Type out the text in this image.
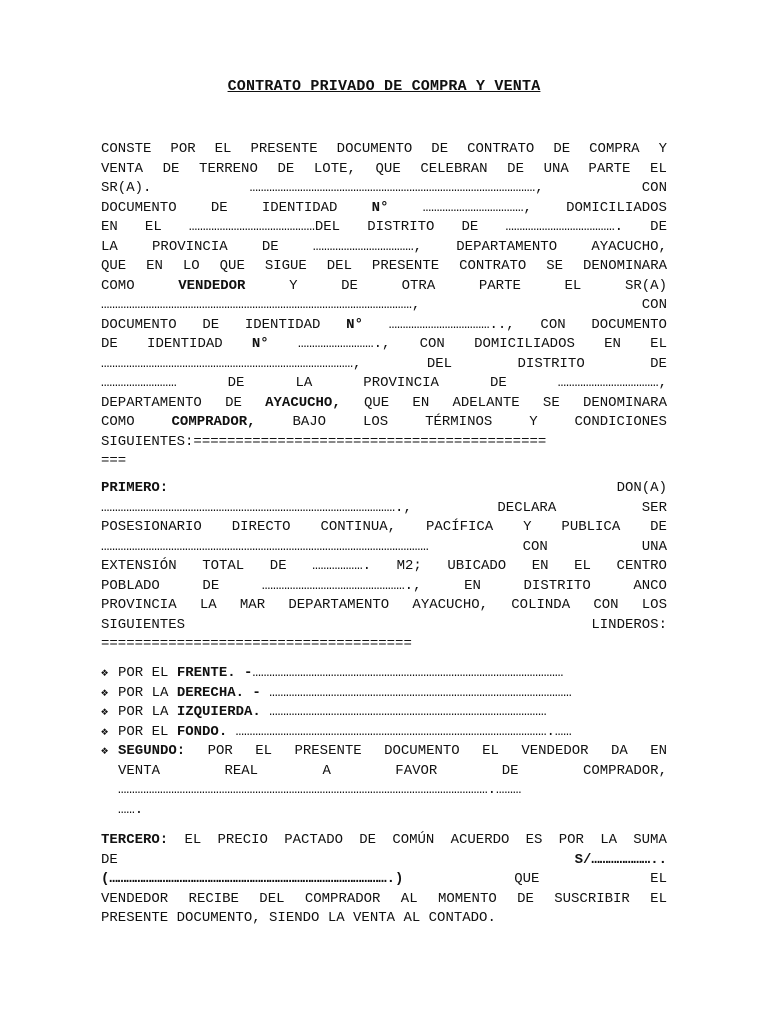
CONTRATO PRIVADO DE COMPRA Y VENTA
CONSTE POR EL PRESENTE DOCUMENTO DE CONTRATO DE COMPRA Y
VENTA DE TERRENO DE LOTE, QUE CELEBRAN DE UNA PARTE EL
SR(A).	…………………………………………………………………………………………,	CON
DOCUMENTO DE IDENTIDAD N° ………………………………, DOMICILIADOS
EN EL ………………………………………DEL DISTRITO DE …………………………………. DE
LA PROVINCIA DE ………………………………, DEPARTAMENTO AYACUCHO,
QUE EN LO QUE SIGUE DEL PRESENTE CONTRATO SE DENOMINARA
COMO	VENDEDOR	Y	DE	OTRA	PARTE	EL	SR(A)
…………………………………………………………………………………………………,	CON
DOCUMENTO DE IDENTIDAD N° ……………………………….., CON DOCUMENTO
DE IDENTIDAD N° ………………………., CON DOMICILIADOS EN EL
………………………………………………………………………………,	DEL	DISTRITO	DE
………………………	DE	LA	PROVINCIA	DE	………………………………,
DEPARTAMENTO DE AYACUCHO, QUE EN ADELANTE SE DENOMINARA
COMO	COMPRADOR,	BAJO	LOS	TÉRMINOS	Y	CONDICIONES
SIGUIENTES:==========================================
===
PRIMERO:	DON(A)
…………………………………………………………………………………………….,	DECLARA	SER
POSESIONARIO DIRECTO CONTINUA, PACÍFICA Y PUBLICA DE
………………………………………………………………………………………………………	CON	UNA
EXTENSIÓN TOTAL DE ………………. M2; UBICADO EN EL CENTRO
POBLADO	DE	…………………………………………….,	EN	DISTRITO	ANCO
PROVINCIA LA MAR DEPARTAMENTO AYACUCHO, COLINDA CON LOS
SIGUIENTES	LINDEROS:
=====================================
❖ POR EL FRENTE. -…………………………………………………………………………………………………
❖ POR LA DERECHA. - ………………………………………………………………………………………………
❖ POR LA IZQUIERDA. ………………………………………………………………………………………
❖ POR EL FONDO. ………………………………………………………………………………………………….……
❖ SEGUNDO: POR EL PRESENTE DOCUMENTO EL VENDEDOR DA EN
VENTA	REAL	A	FAVOR	DE	COMPRADOR,
…………………………………………………………………………………………………………………….………
…….
TERCERO: EL PRECIO PACTADO DE COMÚN ACUERDO ES POR LA SUMA
DE	S/…………………..
(……………………………………………………………………………………….)	QUE	EL
VENDEDOR RECIBE DEL COMPRADOR AL MOMENTO DE SUSCRIBIR EL
PRESENTE DOCUMENTO, SIENDO LA VENTA AL CONTADO.
